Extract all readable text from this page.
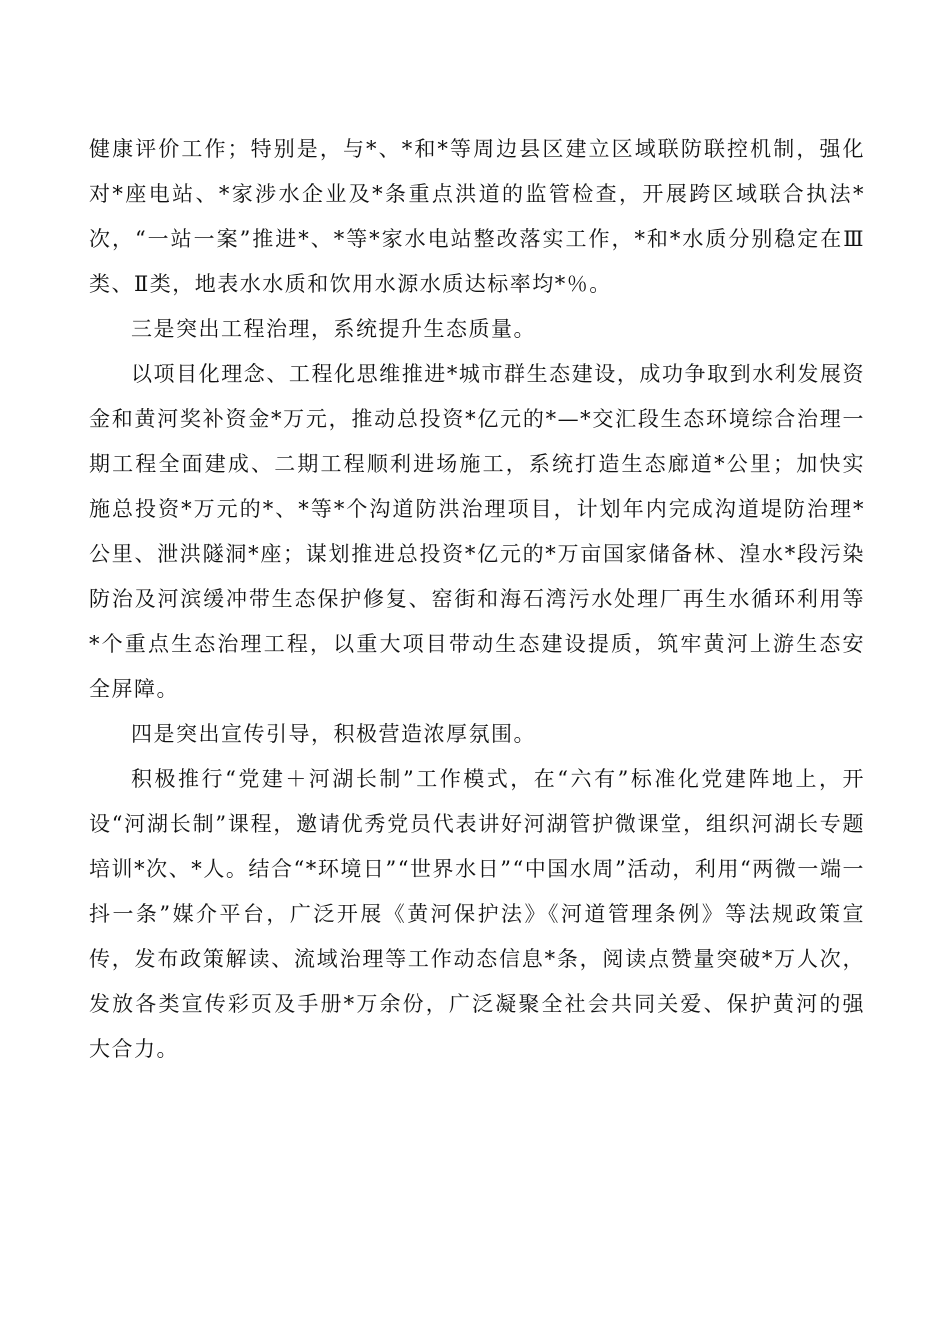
健康评价工作；特别是，与*、*和*等周边县区建立区域联防联控机制，强化对*座电站、*家涉水企业及*条重点洪道的监管检查，开展跨区域联合执法*次，“一站一案”推进*、*等*家水电站整改落实工作，*和*水质分别稳定在Ⅲ类、Ⅱ类，地表水水质和饮用水源水质达标率均*％。

三是突出工程治理，系统提升生态质量。

以项目化理念、工程化思维推进*城市群生态建设，成功争取到水利发展资金和黄河奖补资金*万元，推动总投资*亿元的*—*交汇段生态环境综合治理一期工程全面建成、二期工程顺利进场施工，系统打造生态廊道*公里；加快实施总投资*万元的*、*等*个沟道防洪治理项目，计划年内完成沟道堤防治理*公里、泄洪隧洞*座；谋划推进总投资*亿元的*万亩国家储备林、湟水*段污染防治及河滨缓冲带生态保护修复、窑街和海石湾污水处理厂再生水循环利用等*个重点生态治理工程，以重大项目带动生态建设提质，筑牢黄河上游生态安全屏障。

四是突出宣传引导，积极营造浓厚氛围。

积极推行“党建＋河湖长制”工作模式，在“六有”标准化党建阵地上，开设“河湖长制”课程，邀请优秀党员代表讲好河湖管护微课堂，组织河湖长专题培训*次、*人。结合“*环境日”“世界水日”“中国水周”活动，利用“两微一端一抖一条”媒介平台，广泛开展《黄河保护法》《河道管理条例》等法规政策宣传，发布政策解读、流域治理等工作动态信息*条，阅读点赞量突破*万人次，发放各类宣传彩页及手册*万余份，广泛凝聚全社会共同关爱、保护黄河的强大合力。
